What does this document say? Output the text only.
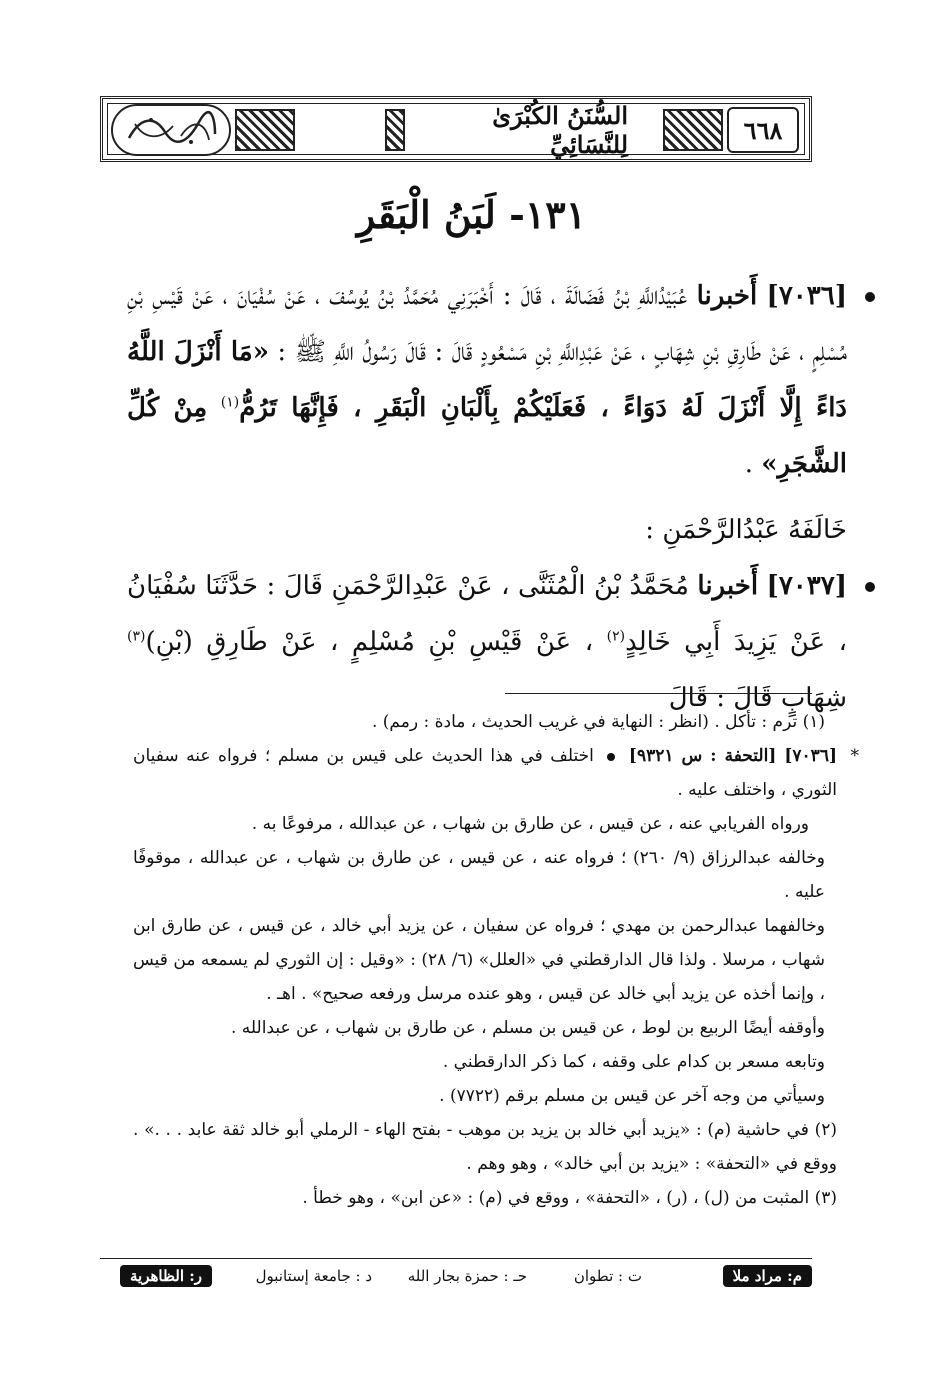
٦٦٨
السُّنَنُ الكُبْرَىٰ لِلنَّسَائِيِّ
١٣١- لَبَنُ الْبَقَرِ

[٧٠٣٦] أَخبرنا عُبَيْدُاللَّهِ بْنُ فَضَالَةَ ، قَالَ : أَخْبَرَنِي مُحَمَّدُ بْنُ يُوسُفَ ، عَنْ سُفْيَانَ ، عَنْ قَيْسِ بْنِ مُسْلِمٍ ، عَنْ طَارِقِ بْنِ شِهَابٍ ، عَنْ عَبْدِاللَّهِ بْنِ مَسْعُودٍ قَالَ : قَالَ رَسُولُ اللَّهِ ﷺ : «مَا أَنْزَلَ اللَّهُ دَاءً إِلَّا أَنْزَلَ لَهُ دَوَاءً ، فَعَلَيْكُمْ بِأَلْبَانِ الْبَقَرِ ، فَإِنَّهَا تَرُمُّ$^{(١)}$ مِنْ كُلِّ الشَّجَرِ» .

خَالَفَهُ عَبْدُالرَّحْمَنِ :

[٧٠٣٧] أَخبرنا مُحَمَّدُ بْنُ الْمُثَنَّى ، عَنْ عَبْدِالرَّحْمَنِ قَالَ : حَدَّثَنَا سُفْيَانُ ، عَنْ يَزِيدَ أَبِي خَالِدٍ$^{(٢)}$ ، عَنْ قَيْسِ بْنِ مُسْلِمٍ ، عَنْ طَارِقِ (بْنِ)$^{(٣)}$ شِهَابٍ قَالَ : قَالَ

(١) ترم : تأكل . (انظر : النهاية في غريب الحديث ، مادة : رمم) .

*
[٧٠٣٦] [التحفة : س ٩٣٢١]  اختلف في هذا الحديث على قيس بن مسلم ؛ فرواه عنه سفيان الثوري ، واختلف عليه .

ورواه الفريابي عنه ، عن قيس ، عن طارق بن شهاب ، عن عبدالله ، مرفوعًا به .

وخالفه عبدالرزاق (٩/ ٢٦٠) ؛ فرواه عنه ، عن قيس ، عن طارق بن شهاب ، عن عبدالله ، موقوفًا عليه .

وخالفهما عبدالرحمن بن مهدي ؛ فرواه عن سفيان ، عن يزيد أبي خالد ، عن قيس ، عن طارق ابن شهاب ، مرسلا . ولذا قال الدارقطني في «العلل» (٦/ ٢٨) : «وقيل : إن الثوري لم يسمعه من قيس ، وإنما أخذه عن يزيد أبي خالد عن قيس ، وهو عنده مرسل ورفعه صحيح» . اهـ .

وأوقفه أيضًا الربيع بن لوط ، عن قيس بن مسلم ، عن طارق بن شهاب ، عن عبدالله .

وتابعه مسعر بن كدام على وقفه ، كما ذكر الدارقطني .

وسيأتي من وجه آخر عن قيس بن مسلم برقم (٧٧٢٢) .

(٢) في حاشية (م) : «يزيد أبي خالد بن يزيد بن موهب - بفتح الهاء - الرملي أبو خالد ثقة عابد . . .» . ووقع في «التحفة» : «يزيد بن أبي خالد» ، وهو وهم .

(٣) المثبت من (ل) ، (ر) ، «التحفة» ، ووقع في (م) : «عن ابن» ، وهو خطأ .

م: مراد ملا
ت : تطوان
حـ : حمزة بجار الله
د : جامعة إستانبول
ر: الظاهرية
